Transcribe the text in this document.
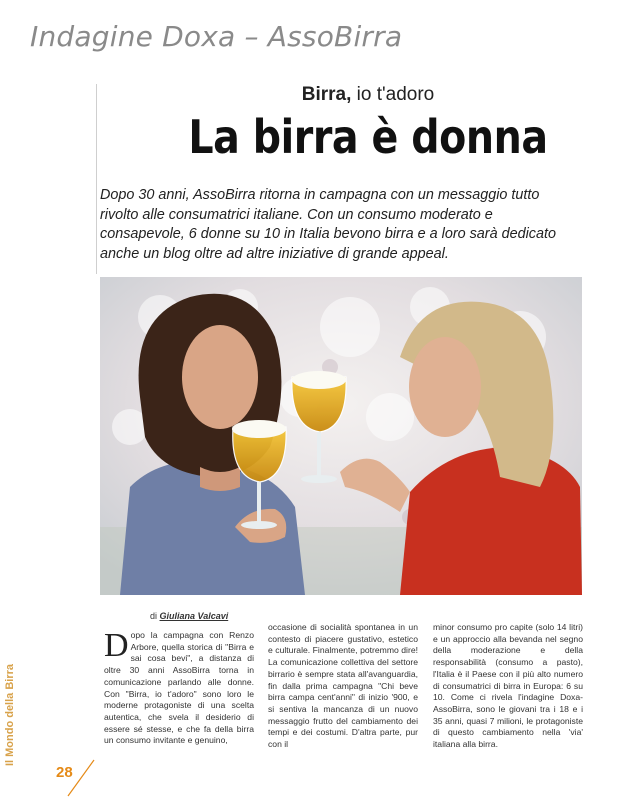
Indagine Doxa – AssoBirra
Birra, io t'adoro
La birra è donna
Dopo 30 anni, AssoBirra ritorna in campagna con un messaggio tutto rivolto alle consumatrici italiane. Con un consumo moderato e consapevole, 6 donne su 10 in Italia bevono birra e a loro sarà dedicato anche un blog oltre ad altre iniziative di grande appeal.
di Giuliana Valcavi
Dopo la campagna con Renzo Arbore, quella storica di "Birra e sai cosa bevi", a distanza di oltre 30 anni AssoBirra torna in comunicazione parlando alle donne. Con "Birra, io t'adoro" sono loro le moderne protagoniste di una scelta autentica, che svela il desiderio di essere sé stesse, e che fa della birra un consumo invitante e genuino,
occasione di socialità spontanea in un contesto di piacere gustativo, estetico e culturale. Finalmente, potremmo dire! La comunicazione collettiva del settore birrario è sempre stata all'avanguardia, fin dalla prima campagna "Chi beve birra campa cent'anni" di inizio '900, e si sentiva la mancanza di un nuovo messaggio frutto del cambiamento dei tempi e dei costumi. D'altra parte, pur con il
minor consumo pro capite (solo 14 litri) e un approccio alla bevanda nel segno della moderazione e della responsabilità (consumo a pasto), l'Italia è il Paese con il più alto numero di consumatrici di birra in Europa: 6 su 10. Come ci rivela l'indagine Doxa-AssoBirra, sono le giovani tra i 18 e i 35 anni, quasi 7 milioni, le protagoniste di questo cambiamento nella 'via' italiana alla birra.
Il Mondo della Birra
28
